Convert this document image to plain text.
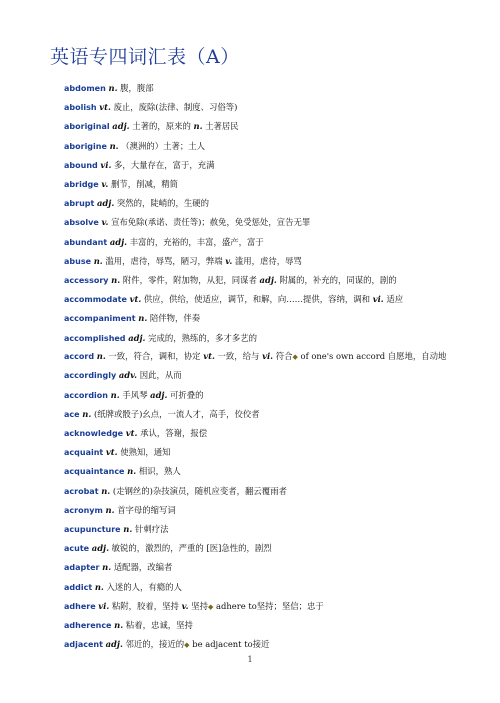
英语专四词汇表（A）
abdomen n. 腹，腹部
abolish vt. 废止，废除(法律、制度、习俗等)
aboriginal adj. 土著的，原来的 n. 土著居民
aborigine n. （澳洲的）土著；土人
abound vi. 多，大量存在，富于，充满
abridge v. 删节，削减，精简
abrupt adj. 突然的，陡峭的，生硬的
absolve v. 宣布免除(承诺、责任等)；赦免，免受惩处，宣告无罪
abundant adj. 丰富的，充裕的，丰富，盛产，富于
abuse n. 滥用，虐待，辱骂，陋习，弊端 v. 滥用，虐待，辱骂
accessory n. 附件，零件，附加物，从犯，同谋者 adj. 附属的，补充的，同谋的，剧的
accommodate vt. 供应，供给，使适应，调节，和解，向……提供，容纳，调和 vi. 适应
accompaniment n. 陪伴物，伴奏
accomplished adj. 完成的，熟练的，多才多艺的
accord n. 一致，符合，调和，协定 vt. 一致，给与 vi. 符合◆ of one's own accord 自愿地，自动地
accordingly adv. 因此，从而
accordion n. 手风琴 adj. 可折叠的
ace n. (纸牌或骰子)幺点，一流人才，高手，佼佼者
acknowledge vt. 承认，答谢，报偿
acquaint vt. 使熟知，通知
acquaintance n. 相识，熟人
acrobat n. (走钢丝的)杂技演员，随机应变者，翻云覆雨者
acronym n. 首字母的缩写词
acupuncture n. 针刺疗法
acute adj. 敏锐的，激烈的，严重的 [医]急性的，剧烈
adapter n. 适配器，改编者
addict n. 入迷的人，有瘾的人
adhere vi. 粘附，胶着，坚持 v. 坚持◆ adhere to坚持；坚信；忠于
adherence n. 粘着，忠诚，坚持
adjacent adj. 邻近的，接近的◆ be adjacent to接近
1
